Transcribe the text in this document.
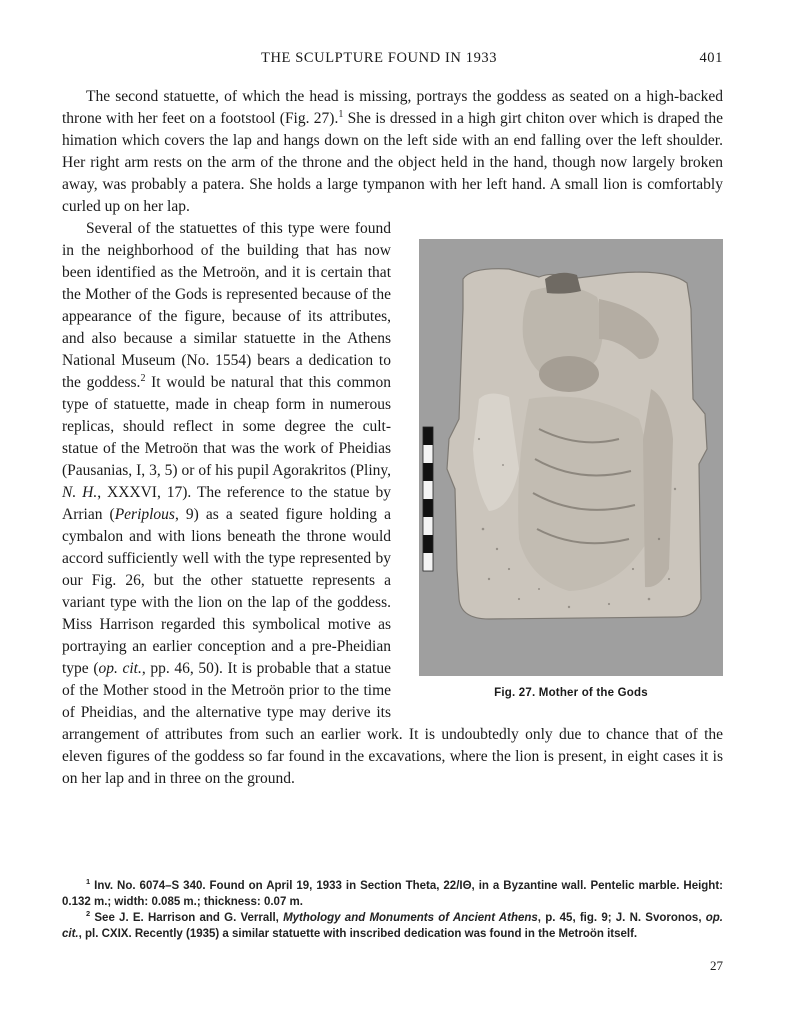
THE SCULPTURE FOUND IN 1933	401

The second statuette, of which the head is missing, portrays the goddess as seated on a high-backed throne with her feet on a footstool (Fig. 27).$^1$ She is dressed in a high girt chiton over which is draped the himation which covers the lap and hangs down on the left side with an end falling over the left shoulder. Her right arm rests on the arm of the throne and the object held in the hand, though now largely broken away, was probably a patera. She holds a large tympanon with her left hand. A small lion is comfortably curled up on her lap.

Fig. 27. Mother of the Gods

Several of the statuettes of this type were found in the neighborhood of the building that has now been identified as the Metroön, and it is certain that the Mother of the Gods is represented because of the appearance of the figure, because of its attributes, and also because a similar statuette in the Athens National Museum (No. 1554) bears a dedication to the goddess.$^2$ It would be natural that this common type of statuette, made in cheap form in numerous replicas, should reflect in some degree the cult-statue of the Metroön that was the work of Pheidias (Pausanias, I, 3, 5) or of his pupil Agorakritos (Pliny, N. H., XXXVI, 17). The reference to the statue by Arrian (Periplous, 9) as a seated figure holding a cymbalon and with lions beneath the throne would accord sufficiently well with the type represented by our Fig. 26, but the other statuette represents a variant type with the lion on the lap of the goddess. Miss Harrison regarded this symbolical motive as portraying an earlier conception and a pre-Pheidian type (op. cit., pp. 46, 50). It is probable that a statue of the Mother stood in the Metroön prior to the time of Pheidias, and the alternative type may derive its arrangement of attributes from such an earlier work. It is undoubtedly only due to chance that of the eleven figures of the goddess so far found in the excavations, where the lion is present, in eight cases it is on her lap and in three on the ground.

$^1$ Inv. No. 6074–S 340. Found on April 19, 1933 in Section Theta, 22/IΘ, in a Byzantine wall. Pentelic marble. Height: 0.132 m.; width: 0.085 m.; thickness: 0.07 m.

$^2$ See J. E. Harrison and G. Verrall, Mythology and Monuments of Ancient Athens, p. 45, fig. 9; J. N. Svoronos, op. cit., pl. CXIX. Recently (1935) a similar statuette with inscribed dedication was found in the Metroön itself.

27
